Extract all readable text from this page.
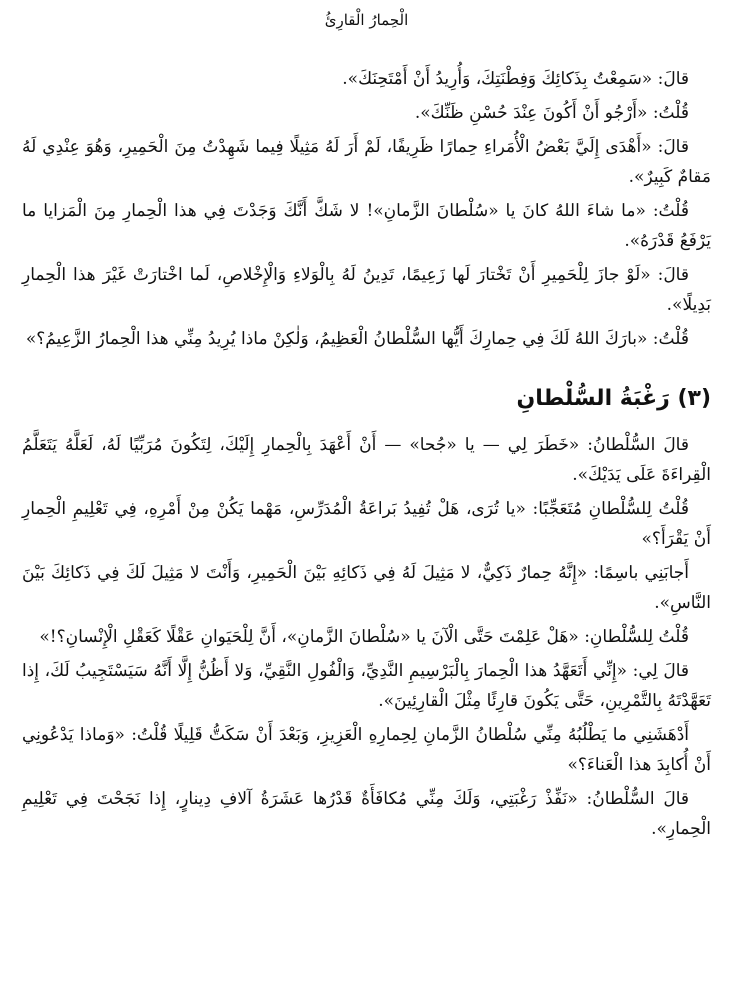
الْحِمارُ الْقارِئُ

قالَ: «سَمِعْتُ بِذَكائِكَ وَفِطْنَتِكَ، وَأُرِيدُ أَنْ أَمْتَحِنَكَ».

قُلْتُ: «أَرْجُو أَنْ أَكُونَ عِنْدَ حُسْنِ ظَنِّكَ».

قالَ: «أَهْدَى إِلَيَّ بَعْضُ الْأُمَراءِ حِمارًا ظَرِيفًا، لَمْ أَرَ لَهُ مَثِيلًا فِيما شَهِدْتُ مِنَ الْحَمِيرِ، وَهُوَ عِنْدِي لَهُ مَقامٌ كَبِيرٌ».

قُلْتُ: «ما شاءَ اللهُ كانَ يا «سُلْطانَ الزَّمانِ»! لا شَكَّ أَنَّكَ وَجَدْتَ فِي هذا الْحِمارِ مِنَ الْمَزايا ما يَرْفَعُ قَدْرَهُ».

قالَ: «لَوْ جازَ لِلْحَمِيرِ أَنْ تَخْتارَ لَها زَعِيمًا، تَدِينُ لَهُ بِالْوَلاءِ وَالْإِخْلاصِ، لَما اخْتارَتْ غَيْرَ هذا الْحِمارِ بَدِيلًا».

قُلْتُ: «بارَكَ اللهُ لَكَ فِي حِمارِكَ أَيُّها السُّلْطانُ الْعَظِيمُ، وَلٰكِنْ ماذا يُرِيدُ مِنِّي هذا الْحِمارُ الزَّعِيمُ؟»

(٣) رَغْبَةُ السُّلْطانِ

قالَ السُّلْطانُ: «خَطَرَ لِي — يا «جُحا» — أَنْ أَعْهَدَ بِالْحِمارِ إِلَيْكَ، لِتَكُونَ مُرَبِّيًا لَهُ، لَعَلَّهُ يَتَعَلَّمُ الْقِراءَةَ عَلَى يَدَيْكَ».

قُلْتُ لِلسُّلْطانِ مُتَعَجِّبًا: «يا تُرَى، هَلْ تُفِيدُ بَراعَةُ الْمُدَرِّسِ، مَهْما يَكُنْ مِنْ أَمْرِهِ، فِي تَعْلِيمِ الْحِمارِ أَنْ يَقْرَأَ؟»

أَجابَنِي باسِمًا: «إِنَّهُ حِمارٌ ذَكِيٌّ، لا مَثِيلَ لَهُ فِي ذَكائِهِ بَيْنَ الْحَمِيرِ، وَأَنْتَ لا مَثِيلَ لَكَ فِي ذَكائِكَ بَيْنَ النَّاسِ».

قُلْتُ لِلسُّلْطانِ: «هَلْ عَلِمْتَ حَتَّى الْآنَ يا «سُلْطانَ الزَّمانِ»، أَنَّ لِلْحَيَوانِ عَقْلًا كَعَقْلِ الْإِنْسانِ؟!»

قالَ لِي: «إِنِّي أَتَعَهَّدُ هذا الْحِمارَ بِالْبَرْسِيمِ النَّدِيِّ، وَالْفُولِ النَّقِيِّ، وَلا أَظُنُّ إِلَّا أَنَّهُ سَيَسْتَجِيبُ لَكَ، إِذا تَعَهَّدْتَهُ بِالتَّمْرِينِ، حَتَّى يَكُونَ قارِئًا مِثْلَ الْقارِئِينَ».

أَدْهَشَنِي ما يَطْلُبُهُ مِنِّي سُلْطانُ الزَّمانِ لِحِمارِهِ الْعَزِيزِ، وَبَعْدَ أَنْ سَكَتُّ قَلِيلًا قُلْتُ: «وَماذا يَدْعُونِي أَنْ أُكابِدَ هذا الْعَناءَ؟»

قالَ السُّلْطانُ: «نَفِّذْ رَغْبَتِي، وَلَكَ مِنِّي مُكافَأَةٌ قَدْرُها عَشَرَةُ آلافِ دِينارٍ، إِذا نَجَحْتَ فِي تَعْلِيمِ الْحِمارِ».
